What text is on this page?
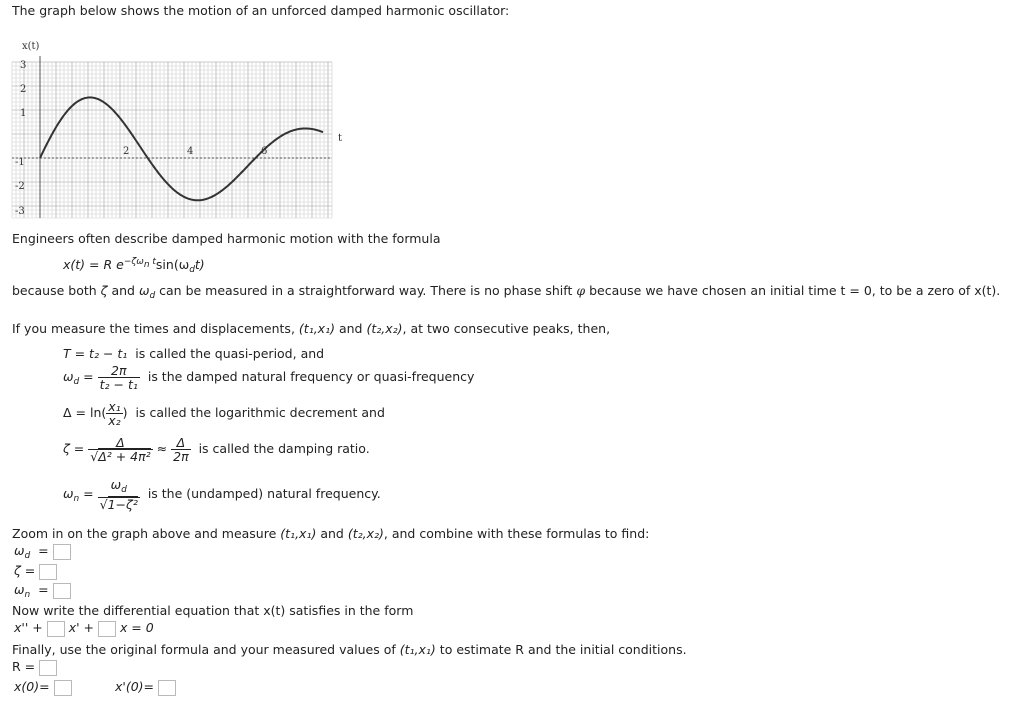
The graph below shows the motion of an unforced damped harmonic oscillator:
x(t)
t
3
2
1
-1
-2
-3
2	4	6
Engineers often describe damped harmonic motion with the formula
x(t) = R $e^{-\zeta\omega n t}\sin(\omega_dt)$
because both ζ and $\omega_d$ can be measured in a straightforward way. There is no phase shift φ because we have chosen an initial time t = 0, to be a zero of x(t).
If you measure the times and displacements, (t₁,x₁) and (t₂,x₂), at two consecutive peaks, then,
T = t₂ − t₁ is called the quasi-period, and
$\omega_d = \frac{2\pi}{\text{t₂ − t₁}}$ is the damped natural frequency or quasi-frequency
$\Delta = \ln( \frac{\text{x₁}}{\text{x₂}}$ ) is called the logarithmic decrement and
$\zeta = \frac{\Delta}{\text{√Δ² + 4π²}} \approx \frac{\Delta}{2\pi}$ is called the damping ratio.
$\omega_n = \frac{\omega_d}{\text{√1−ζ²}}$ is the (undamped) natural frequency.
Zoom in on the graph above and measure (t₁,x₁) and (t₂,x₂), and combine with these formulas to find:
$\omega_d$ =
ζ =
$\omega_n$ =
Now write the differential equation that x(t) satisfies in the form
x'' + x' + x = 0
Finally, use the original formula and your measured values of (t₁,x₁) to estimate R and the initial conditions.
R =
x(0)=	x'(0)=
